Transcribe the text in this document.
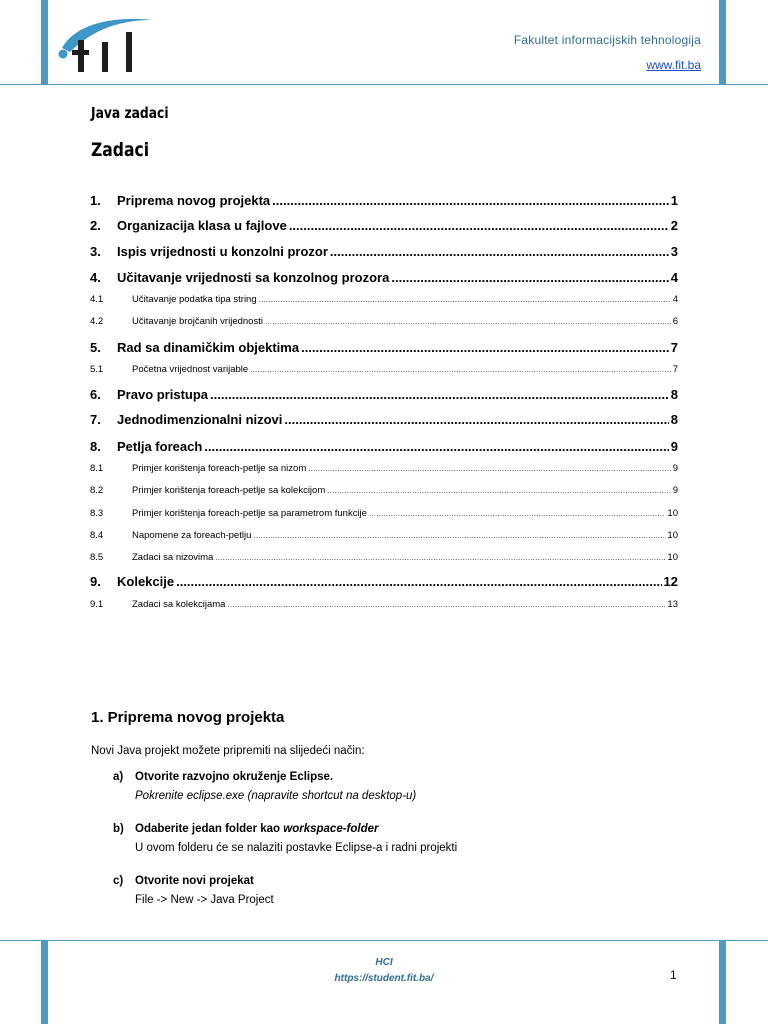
Fakultet informacijskih tehnologija
www.fit.ba
Java zadaci
Zadaci
1.	Priprema novog projekta .....	1
2.	Organizacija klasa u fajlove .....	2
3.	Ispis vrijednosti u konzolni prozor .....	3
4.	Učitavanje vrijednosti sa konzolnog prozora .....	4
4.1	Učitavanje podatka tipa string .....	4
4.2	Učitavanje brojčanih vrijednosti .....	6
5.	Rad sa dinamičkim objektima .....	7
5.1	Početna vrijednost varijable .....	7
6.	Pravo pristupa .....	8
7.	Jednodimenzionalni nizovi .....	8
8.	Petlja foreach .....	9
8.1	Primjer korištenja foreach-petlje sa nizom .....	9
8.2	Primjer korištenja foreach-petlje sa kolekcijom .....	9
8.3	Primjer korištenja foreach-petlje sa parametrom funkcije .....	10
8.4	Napomene za foreach-petlju .....	10
8.5	Zadaci sa nizovima .....	10
9.	Kolekcije .....	12
9.1	Zadaci sa kolekcijama .....	13
1. Priprema novog projekta
Novi Java projekt možete pripremiti na slijedeći način:
a) Otvorite razvojno okruženje Eclipse.
Pokrenite eclipse.exe (napravite shortcut na desktop-u)
b) Odaberite jedan folder kao workspace-folder
U ovom folderu će se nalaziti postavke Eclipse-a i radni projekti
c) Otvorite novi projekat
File -> New -> Java Project
HCI
https://student.fit.ba/	1
